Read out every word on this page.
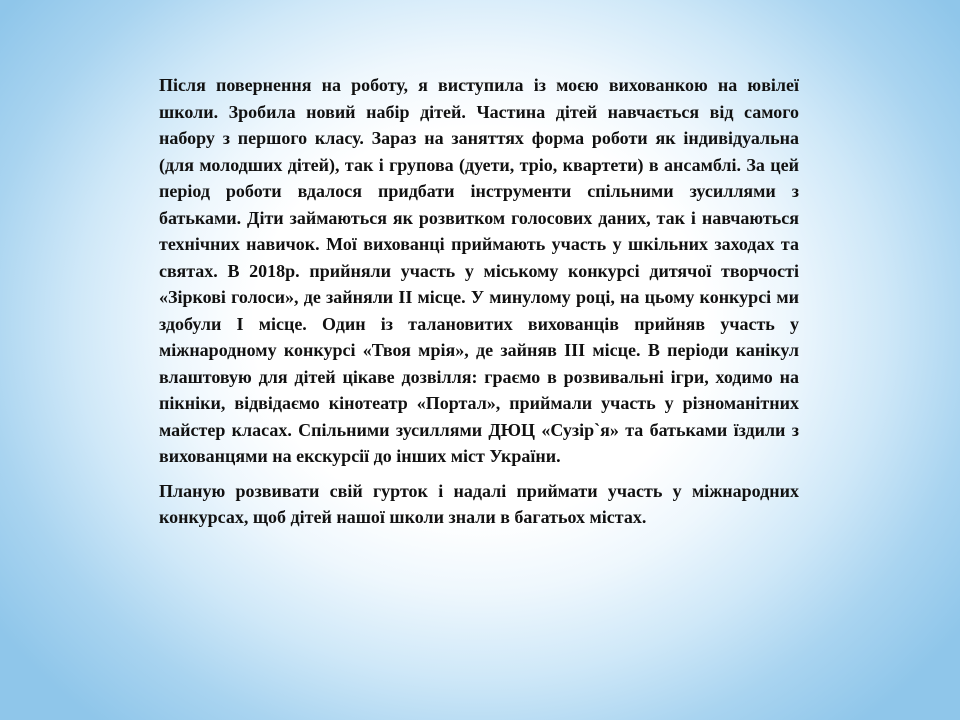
Після повернення на роботу, я виступила із моєю вихованкою на ювілеї школи. Зробила новий набір дітей. Частина дітей навчається від самого набору з першого класу. Зараз на заняттях форма роботи як індивідуальна (для молодших дітей), так і групова (дуети, тріо, квартети) в ансамблі. За цей період роботи вдалося придбати інструменти спільними зусиллями з батьками. Діти займаються як розвитком голосових даних, так і навчаються технічних навичок. Мої вихованці приймають участь у шкільних заходах та святах. В 2018р. прийняли участь у міському конкурсі дитячої творчості «Зіркові голоси», де зайняли ІІ місце. У минулому році, на цьому конкурсі ми здобули І місце. Один із талановитих вихованців прийняв участь у міжнародному конкурсі «Твоя мрія», де зайняв ІІІ місце. В періоди канікул влаштовую для дітей цікаве дозвілля: граємо в розвивальні ігри, ходимо на пікніки, відвідаємо кінотеатр «Портал», приймали участь у різноманітних майстер класах. Спільними зусиллями ДЮЦ «Сузір`я» та батьками їздили з вихованцями на екскурсії до інших міст України.

Планую розвивати свій гурток і надалі приймати участь у міжнародних конкурсах, щоб дітей нашої школи знали в багатьох містах.
